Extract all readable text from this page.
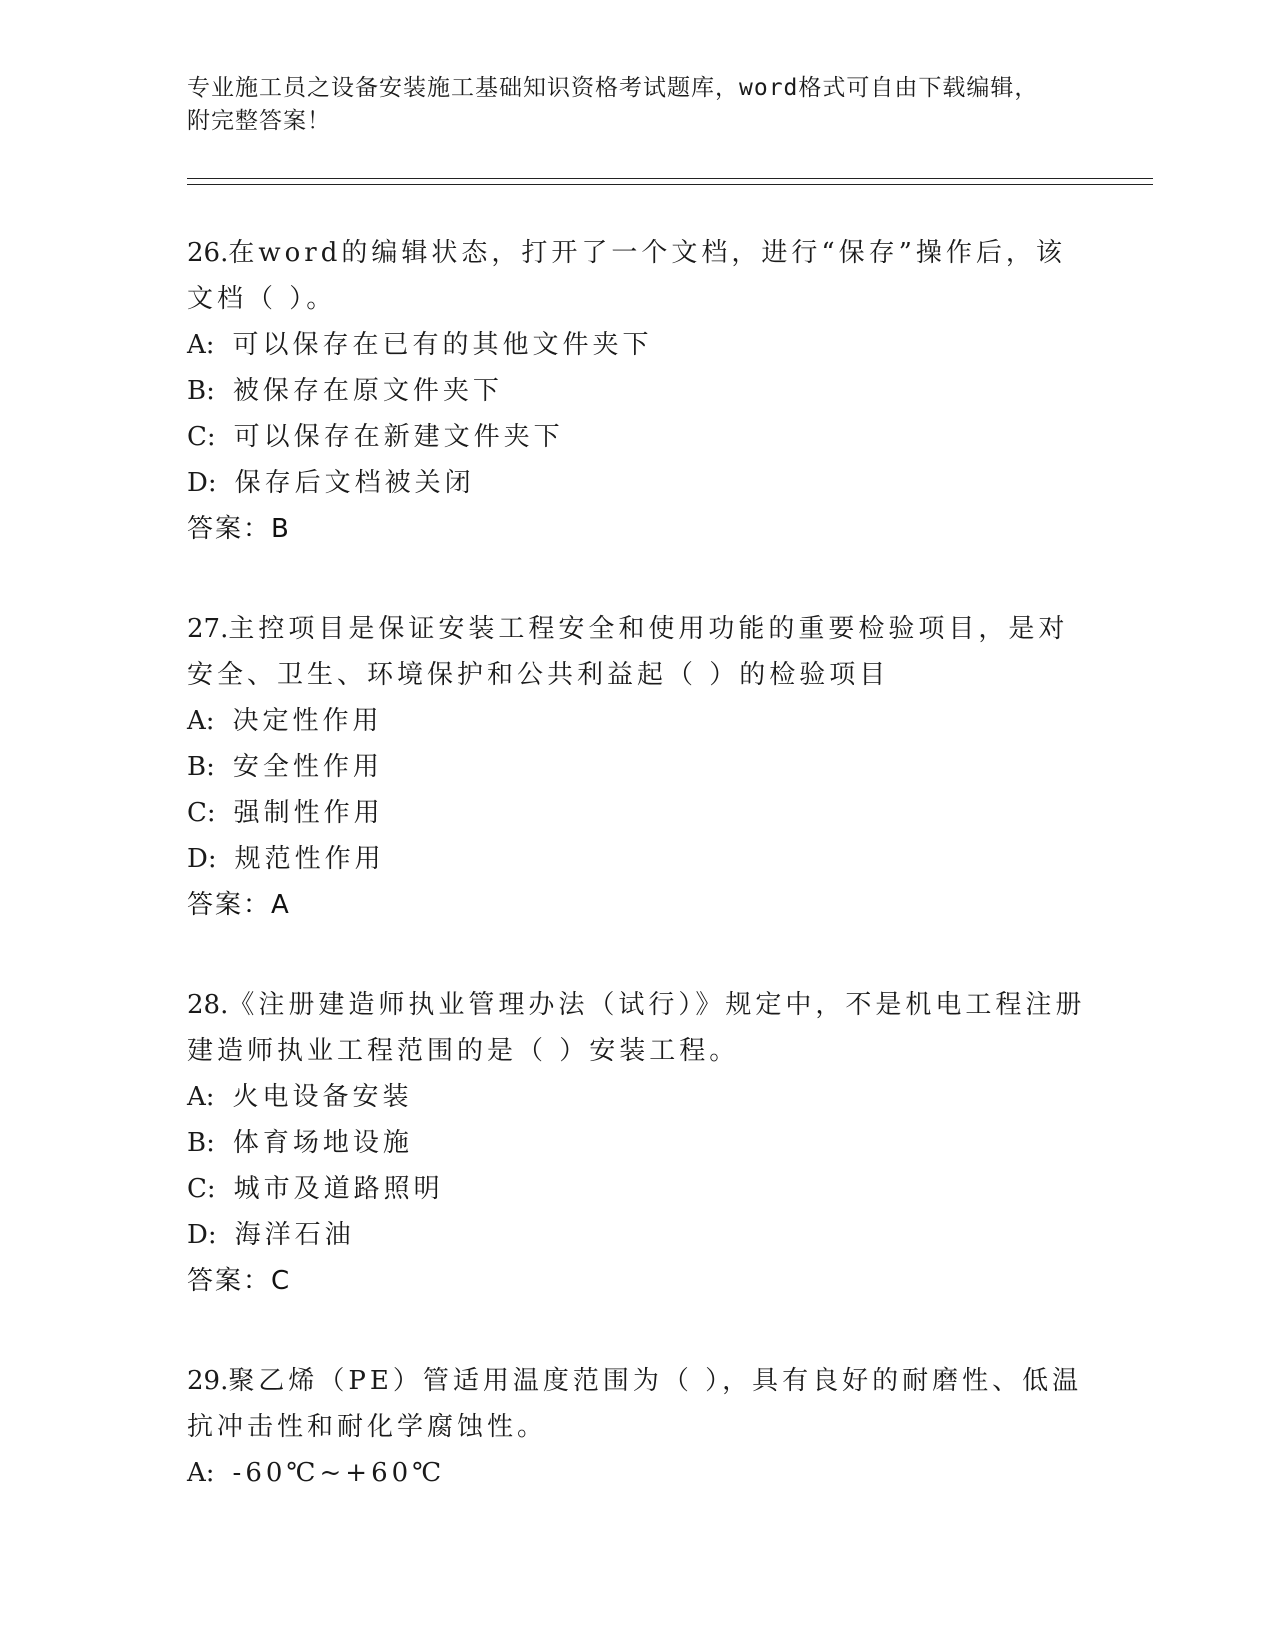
专业施工员之设备安装施工基础知识资格考试题库，word格式可自由下载编辑，
附完整答案！
26.在word的编辑状态，打开了一个文档，进行“保存”操作后，该文档（ ）。
A: 可以保存在已有的其他文件夹下
B: 被保存在原文件夹下
C: 可以保存在新建文件夹下
D: 保存后文档被关闭
答案：B
27.主控项目是保证安装工程安全和使用功能的重要检验项目，是对安全、卫生、环境保护和公共利益起（ ）的检验项目
A: 决定性作用
B: 安全性作用
C: 强制性作用
D: 规范性作用
答案：A
28.《注册建造师执业管理办法（试行）》规定中，不是机电工程注册建造师执业工程范围的是（ ）安装工程。
A: 火电设备安装
B: 体育场地设施
C: 城市及道路照明
D: 海洋石油
答案：C
29.聚乙烯（PE）管适用温度范围为（ ），具有良好的耐磨性、低温抗冲击性和耐化学腐蚀性。
A: -60℃~+60℃
